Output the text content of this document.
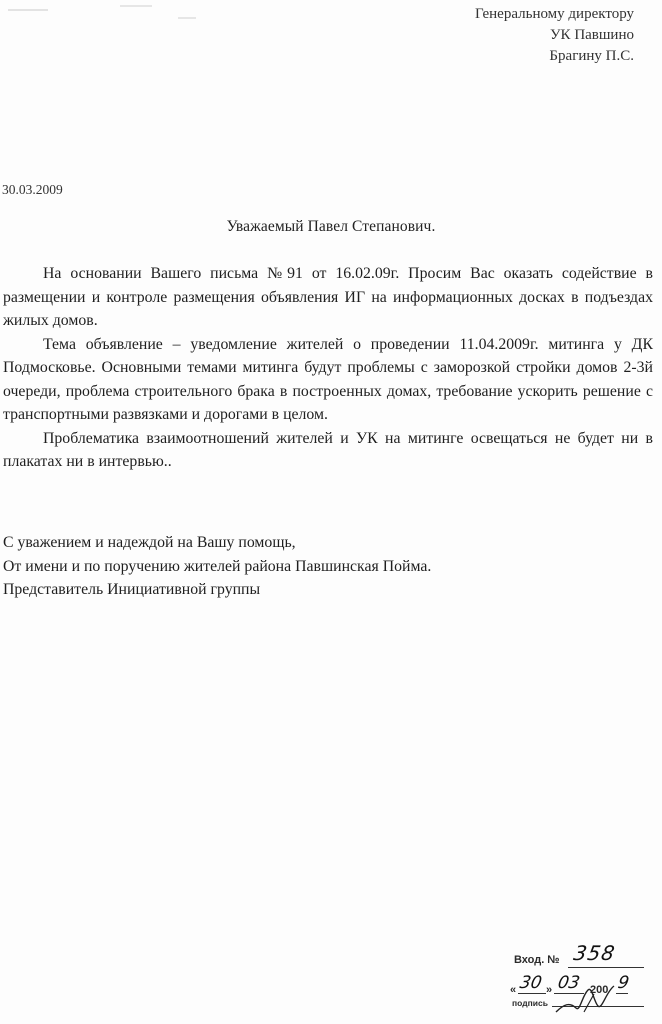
Генеральному директору
УК Павшино
Брагину П.С.
30.03.2009
Уважаемый Павел Степанович.

На основании Вашего письма №91 от 16.02.09г. Просим Вас оказать содействие в размещении и контроле размещения объявления ИГ на информационных досках в подъездах жилых домов.

Тема объявление – уведомление жителей о проведении 11.04.2009г. митинга у ДК Подмосковье. Основными темами митинга будут проблемы с заморозкой стройки домов 2-3й очереди, проблема строительного брака в построенных домах, требование ускорить решение с транспортными развязками и дорогами в целом.

Проблематика взаимоотношений жителей и УК на митинге освещаться не будет ни в плакатах ни в интервью..

С уважением и надеждой на Вашу помощь,
От имени и по поручению жителей района Павшинская Пойма.
Представитель Инициативной группы
Вход. № 358
« 30 » 03 200 9
подпись
